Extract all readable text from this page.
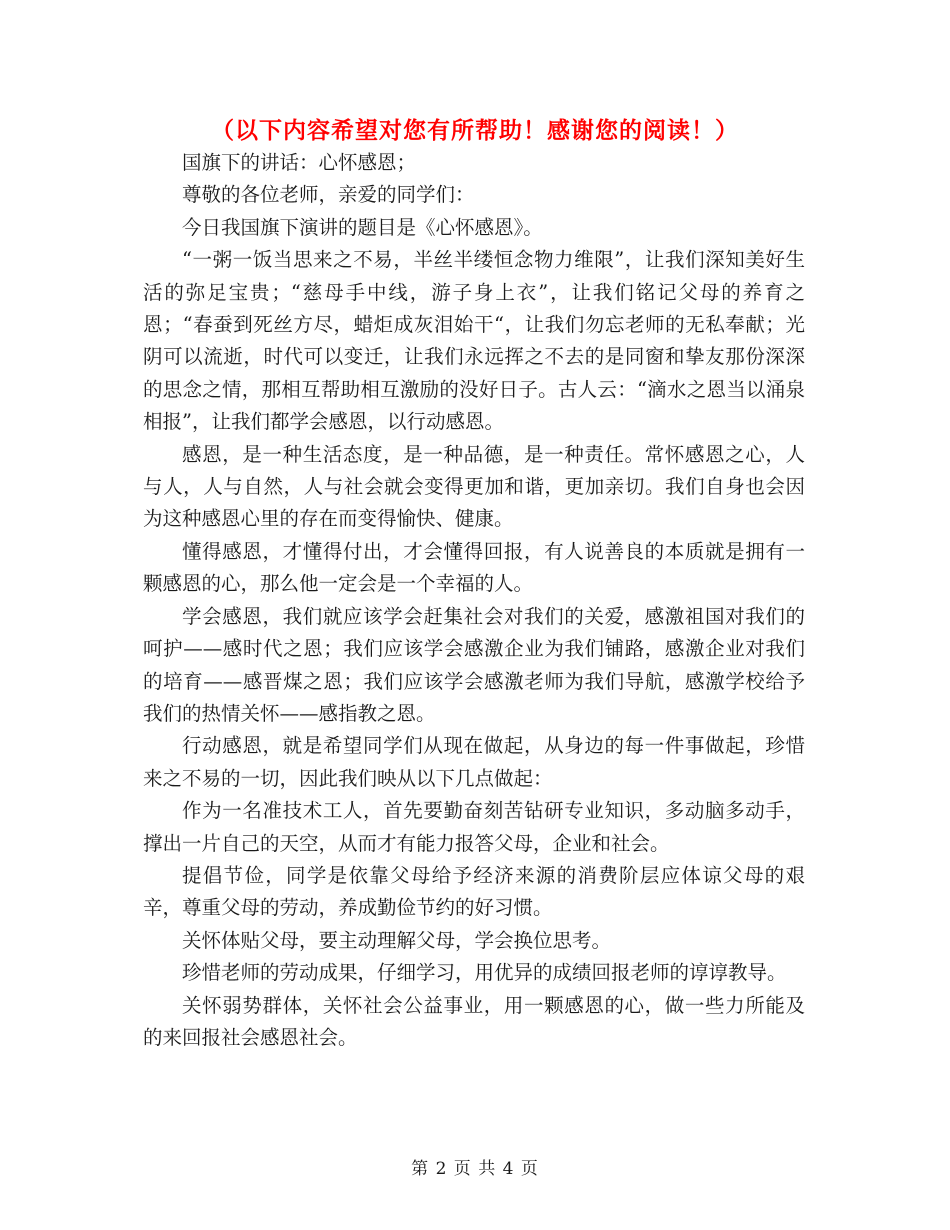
（以下内容希望对您有所帮助！感谢您的阅读！）

国旗下的讲话：心怀感恩；

尊敬的各位老师，亲爱的同学们：

今日我国旗下演讲的题目是《心怀感恩》。

“一粥一饭当思来之不易，半丝半缕恒念物力维限”，让我们深知美好生活的弥足宝贵；“慈母手中线，游子身上衣”，让我们铭记父母的养育之恩；“春蚕到死丝方尽，蜡炬成灰泪始干“，让我们勿忘老师的无私奉献；光阴可以流逝，时代可以变迁，让我们永远挥之不去的是同窗和挚友那份深深的思念之情，那相互帮助相互激励的没好日子。古人云：“滴水之恩当以涌泉相报”，让我们都学会感恩，以行动感恩。

感恩，是一种生活态度，是一种品德，是一种责任。常怀感恩之心，人与人，人与自然，人与社会就会变得更加和谐，更加亲切。我们自身也会因为这种感恩心里的存在而变得愉快、健康。

懂得感恩，才懂得付出，才会懂得回报，有人说善良的本质就是拥有一颗感恩的心，那么他一定会是一个幸福的人。

学会感恩，我们就应该学会赶集社会对我们的关爱，感激祖国对我们的呵护——感时代之恩；我们应该学会感激企业为我们铺路，感激企业对我们的培育——感晋煤之恩；我们应该学会感激老师为我们导航，感激学校给予我们的热情关怀——感指教之恩。

行动感恩，就是希望同学们从现在做起，从身边的每一件事做起，珍惜来之不易的一切，因此我们映从以下几点做起：

作为一名准技术工人，首先要勤奋刻苦钻研专业知识，多动脑多动手，撑出一片自己的天空，从而才有能力报答父母，企业和社会。

提倡节俭，同学是依靠父母给予经济来源的消费阶层应体谅父母的艰辛，尊重父母的劳动，养成勤俭节约的好习惯。

关怀体贴父母，要主动理解父母，学会换位思考。

珍惜老师的劳动成果，仔细学习，用优异的成绩回报老师的谆谆教导。

关怀弱势群体，关怀社会公益事业，用一颗感恩的心，做一些力所能及的来回报社会感恩社会。

第 2 页 共 4 页
